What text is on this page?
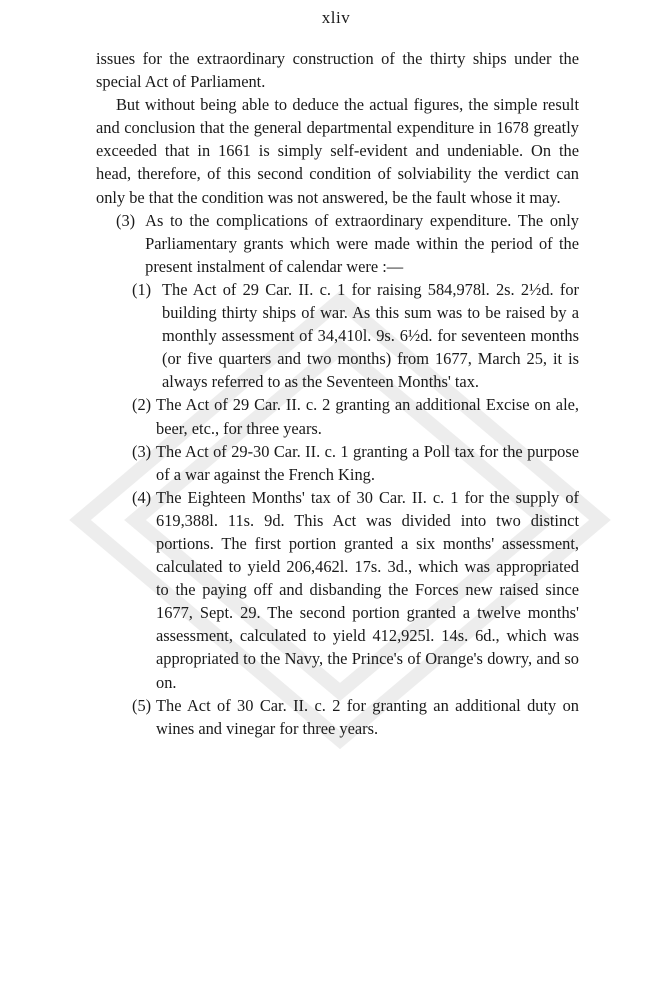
xliv

issues for the extraordinary construction of the thirty ships under the special Act of Parliament.

But without being able to deduce the actual figures, the simple result and conclusion that the general departmental expenditure in 1678 greatly exceeded that in 1661 is simply self-evident and undeniable. On the head, therefore, of this second condition of solviability the verdict can only be that the condition was not answered, be the fault whose it may.

(3) As to the complications of extraordinary expenditure. The only Parliamentary grants which were made within the period of the present instalment of calendar were :—
(1) The Act of 29 Car. II. c. 1 for raising 584,978l. 2s. 2½d. for building thirty ships of war. As this sum was to be raised by a monthly assessment of 34,410l. 9s. 6½d. for seventeen months (or five quarters and two months) from 1677, March 25, it is always referred to as the Seventeen Months' tax.
(2) The Act of 29 Car. II. c. 2 granting an additional Excise on ale, beer, etc., for three years.
(3) The Act of 29-30 Car. II. c. 1 granting a Poll tax for the purpose of a war against the French King.
(4) The Eighteen Months' tax of 30 Car. II. c. 1 for the supply of 619,388l. 11s. 9d. This Act was divided into two distinct portions. The first portion granted a six months' assessment, calculated to yield 206,462l. 17s. 3d., which was appropriated to the paying off and disbanding the Forces new raised since 1677, Sept. 29. The second portion granted a twelve months' assessment, calculated to yield 412,925l. 14s. 6d., which was appropriated to the Navy, the Prince's of Orange's dowry, and so on.
(5) The Act of 30 Car. II. c. 2 for granting an additional duty on wines and vinegar for three years.
